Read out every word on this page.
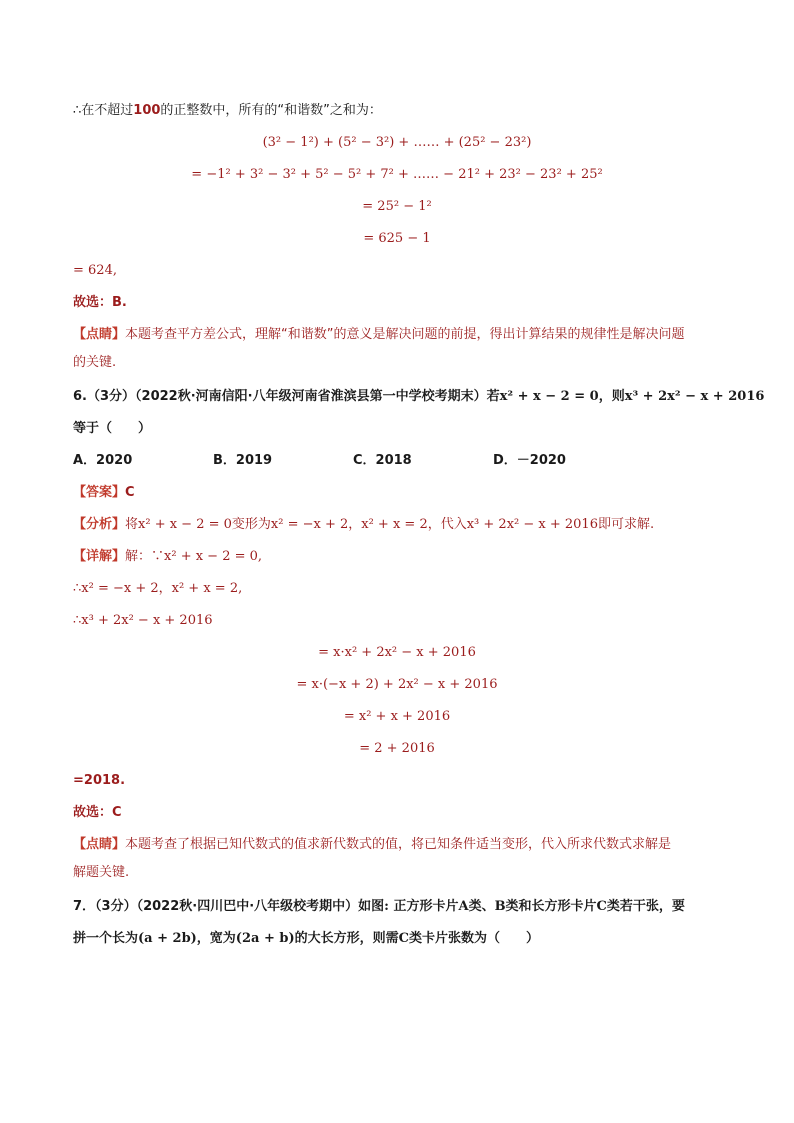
∴在不超过100的正整数中，所有的“和谐数”之和为：
(3² − 1²) + (5² − 3²) + …… + (25² − 23²)
= −1² + 3² − 3² + 5² − 5² + 7² + …… − 21² + 23² − 23² + 25²
= 25² − 1²
= 625 − 1
= 624,
故选：B.
【点睛】本题考查平方差公式，理解“和谐数”的意义是解决问题的前提，得出计算结果的规律性是解决问题
的关键.
6.（3分）（2022秋·河南信阳·八年级河南省淮滨县第一中学校考期末）若x² + x − 2 = 0，则x³ + 2x² − x + 2016
等于（　　）
A．2020	B．2019	C．2018	D．－2020
【答案】C
【分析】将x² + x − 2 = 0变形为x² = −x + 2，x² + x = 2，代入x³ + 2x² − x + 2016即可求解.
【详解】解：∵x² + x − 2 = 0,
∴x² = −x + 2，x² + x = 2,
∴x³ + 2x² − x + 2016
= x·x² + 2x² − x + 2016
= x·(−x + 2) + 2x² − x + 2016
= x² + x + 2016
= 2 + 2016
=2018.
故选：C
【点睛】本题考查了根据已知代数式的值求新代数式的值，将已知条件适当变形，代入所求代数式求解是
解题关键.
7．（3分）（2022秋·四川巴中·八年级校考期中）如图: 正方形卡片A类、B类和长方形卡片C类若干张，要
拼一个长为(a + 2b)，宽为(2a + b)的大长方形，则需C类卡片张数为（　　）
